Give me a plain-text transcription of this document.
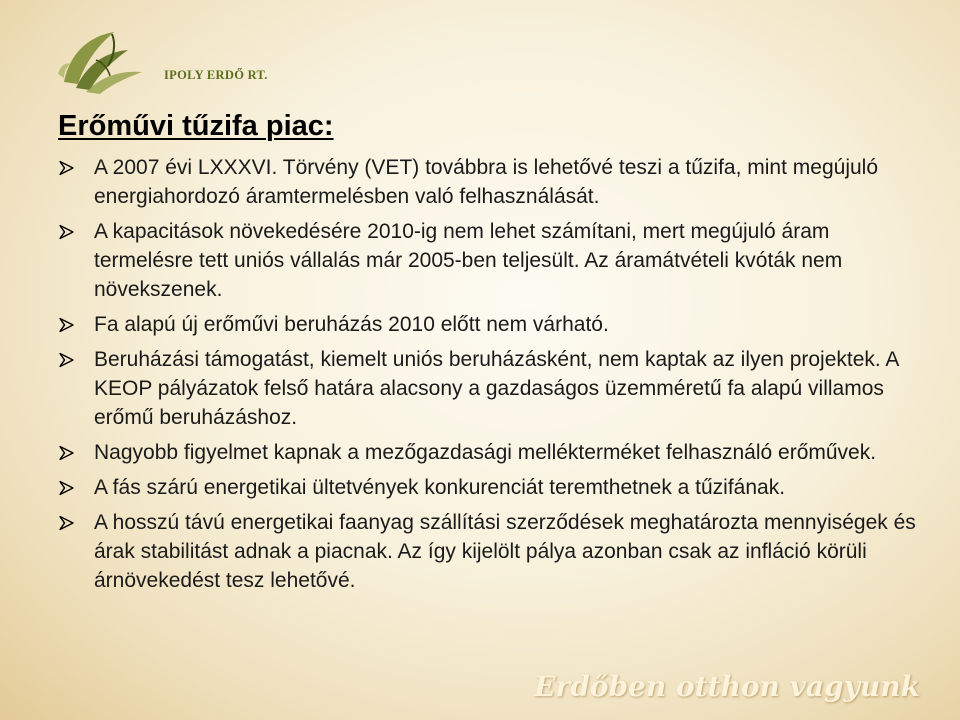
IPOLY ERDŐ RT.
Erőművi tűzifa piac:
A 2007 évi LXXXVI. Törvény (VET) továbbra is lehetővé teszi a tűzifa, mint megújuló energiahordozó áramtermelésben való felhasználását.
A kapacitások növekedésére 2010-ig nem lehet számítani, mert megújuló áram termelésre tett uniós vállalás már 2005-ben teljesült. Az áramátvételi kvóták nem növekszenek.
Fa alapú új erőművi beruházás 2010 előtt nem várható.
Beruházási támogatást, kiemelt uniós beruházásként, nem kaptak az ilyen projektek. A KEOP pályázatok felső határa alacsony a gazdaságos üzemméretű fa alapú villamos erőmű beruházáshoz.
Nagyobb figyelmet kapnak a mezőgazdasági mellékterméket felhasználó erőművek.
A fás szárú energetikai ültetvények konkurenciát teremthetnek a tűzifának.
A hosszú távú energetikai faanyag szállítási szerződések meghatározta mennyiségek és árak stabilitást adnak a piacnak. Az így kijelölt pálya azonban csak az infláció körüli árnövekedést tesz lehetővé.
Erdőben otthon vagyunk
